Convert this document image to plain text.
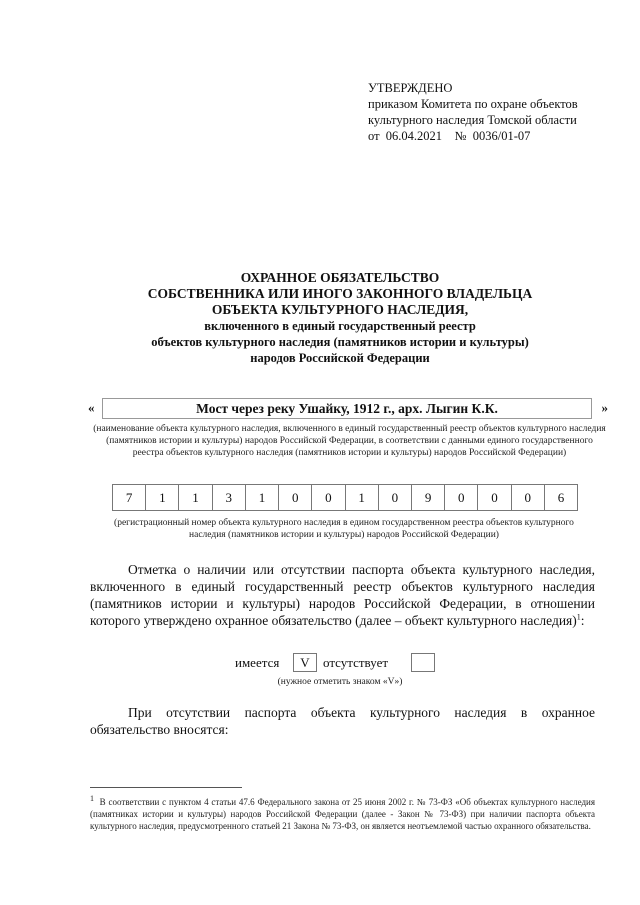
УТВЕРЖДЕНО
приказом Комитета по охране объектов
культурного наследия Томской области
от  06.04.2021    №  0036/01-07
ОХРАННОЕ ОБЯЗАТЕЛЬСТВО
СОБСТВЕННИКА ИЛИ ИНОГО ЗАКОННОГО ВЛАДЕЛЬЦА
ОБЪЕКТА КУЛЬТУРНОГО НАСЛЕДИЯ,
включенного в единый государственный реестр
объектов культурного наследия (памятников истории и культуры)
народов Российской Федерации
«	Мост через реку Ушайку, 1912 г., арх. Лыгин К.К.	»
(наименование объекта культурного наследия, включенного в единый государственный реестр объектов культурного наследия (памятников истории и культуры) народов Российской Федерации, в соответствии с данными единого государственного реестра объектов культурного наследия (памятников истории и культуры) народов Российской Федерации)
7	1	1	3	1	0	0	1	0	9	0	0	0	6
(регистрационный номер объекта культурного наследия в едином государственном реестра объектов культурного наследия (памятников истории и культуры) народов Российской Федерации)
Отметка о наличии или отсутствии паспорта объекта культурного наследия, включенного в единый государственный реестр объектов культурного наследия (памятников истории и культуры) народов Российской Федерации, в отношении которого утверждено охранное обязательство (далее – объект культурного наследия)$^1$:
имеется	V	отсутствует
(нужное отметить знаком «V»)
При отсутствии паспорта объекта культурного наследия в охранное обязательство вносятся:
$^1$ В соответствии с пунктом 4 статьи 47.6 Федерального закона от 25 июня 2002 г. № 73-ФЗ «Об объектах культурного наследия (памятниках истории и культуры) народов Российской Федерации (далее - Закон № 73-ФЗ) при наличии паспорта объекта культурного наследия, предусмотренного статьей 21 Закона № 73-ФЗ, он является неотъемлемой частью охранного обязательства.
